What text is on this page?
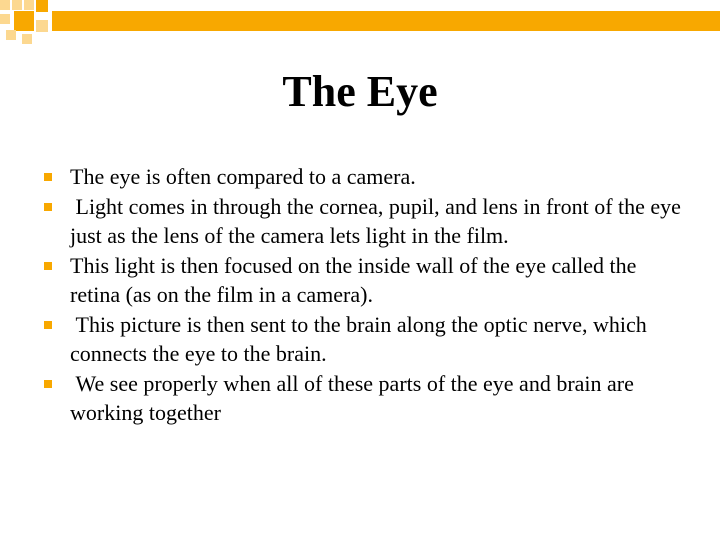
The Eye
The eye is often compared to a camera.
Light comes in through the cornea, pupil, and lens in front of the eye just as the lens of the camera lets light in the film.
This light is then focused on the inside wall of the eye called the retina (as on the film in a camera).
This picture is then sent to the brain along the optic nerve, which connects the eye to the brain.
We see properly when all of these parts of the eye and brain are working together
